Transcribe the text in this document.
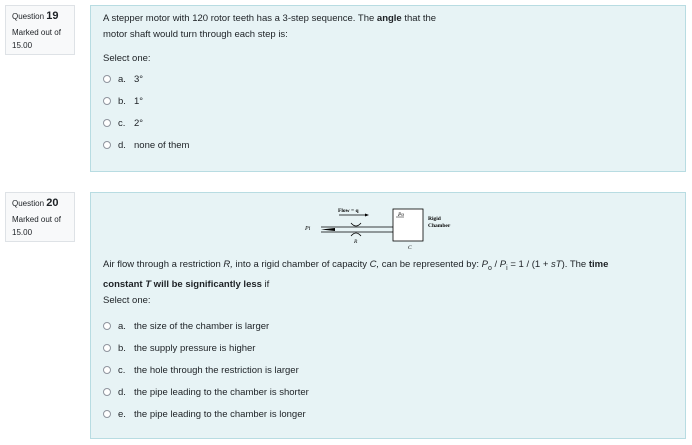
Question 19
Marked out of
15.00
A stepper motor with 120 rotor teeth has a 3-step sequence. The angle that the
motor shaft would turn through each step is:
Select one:
a. 3°
b. 1°
c. 2°
d. none of them
Question 20
Marked out of
15.00
Flow = q
Pi
R
Po
C
Rigid
Chamber
Air flow through a restriction R, into a rigid chamber of capacity C, can be represented by: $P_o / P_i = 1 / (1 + sT)$. The time
constant T will be significantly less if
Select one:
a. the size of the chamber is larger
b. the supply pressure is higher
c. the hole through the restriction is larger
d. the pipe leading to the chamber is shorter
e. the pipe leading to the chamber is longer
